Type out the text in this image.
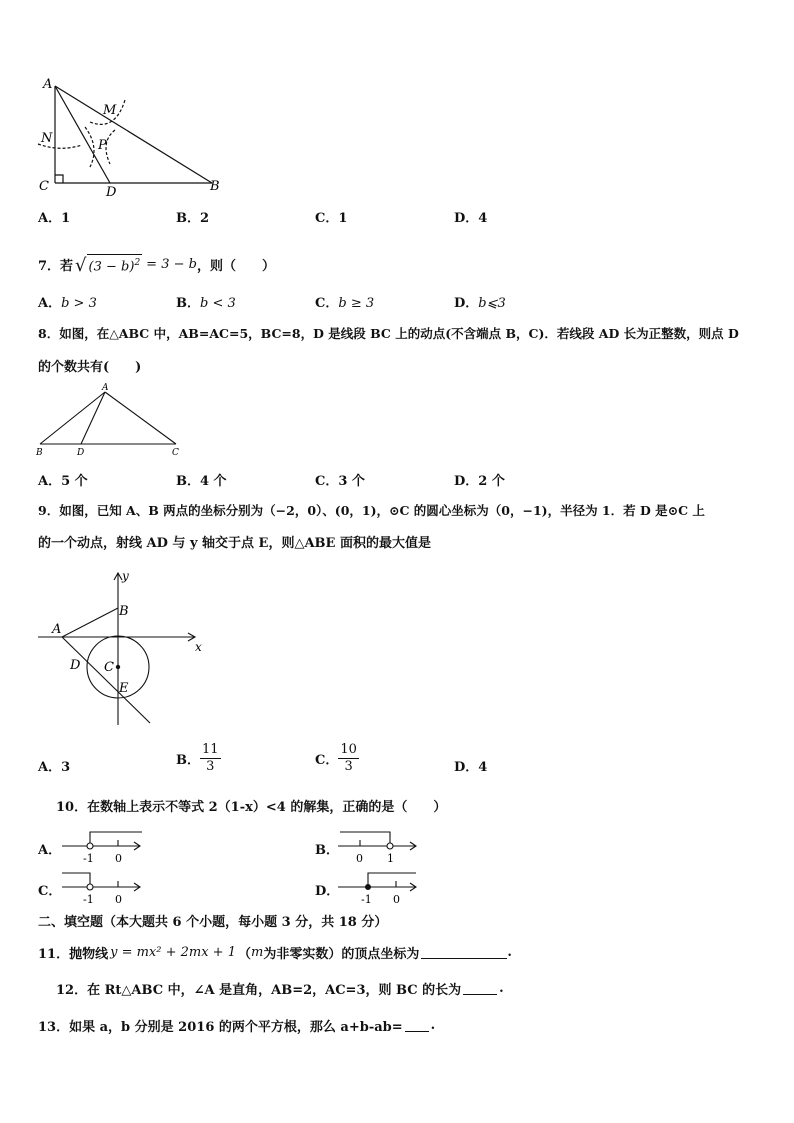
A
M
N	P
C	D	B
A．1	B．2	C．1	D．4
7．若 √ $(3 - b)^2 = 3 - b$ ，则（　　）
A．b > 3	B．b < 3	C．b ≥ 3	D．b⩽3
8．如图，在△ABC 中，AB=AC=5，BC=8，D 是线段 BC 上的动点(不含端点 B，C)．若线段 AD 长为正整数，则点 D
的个数共有(　　)
A
B	D	C
A．5 个	B．4 个	C．3 个	D．2 个
9．如图，已知 A、B 两点的坐标分别为（−2，0）、(0，1)，⊙C 的圆心坐标为（0，−1)，半径为 1．若 D 是⊙C 上
的一个动点，射线 AD 与 y 轴交于点 E，则△ABE 面积的最大值是
y
x
A
B
D C
E
A．3	B． $\frac{11}{3}$	C． $\frac{10}{3}$	D．4
10．在数轴上表示不等式 2（1-x）<4 的解集，正确的是（　　）
A．
-1 0
B．
0 1
C．
-1 0
D．
-1 0
二、填空题（本大题共 6 个小题，每小题 3 分，共 18 分）
11．抛物线 y = mx² + 2mx + 1 （ m 为非零实数）的顶点坐标为	.
12．在 Rt△ABC 中，∠A 是直角，AB=2，AC=3，则 BC 的长为	.
13．如果 a，b 分别是 2016 的两个平方根，那么 a+b-ab= .
